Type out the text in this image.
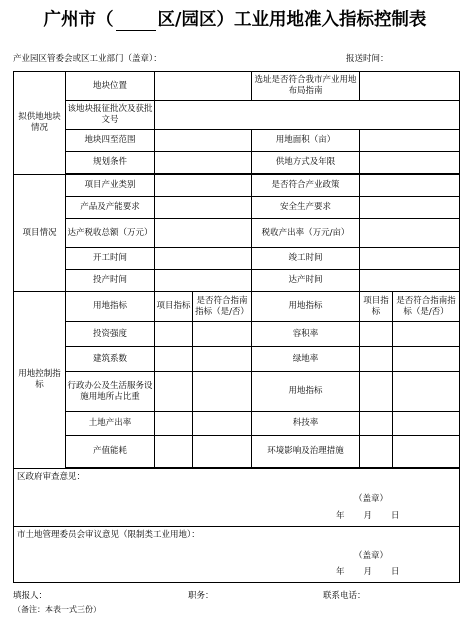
广州市（	区/园区）工业用地准入指标控制表
产业园区管委会或区工业部门（盖章）：	报送时间：
拟供地地块情况	地块位置			选址是否符合我市产业用地布局指南		
	该地块报征批次及获批文号					
	地块四至范围			用地面积（亩）		
	规划条件			供地方式及年限		

项目情况	项目产业类别			是否符合产业政策		
	产品及产能要求			安全生产要求		
	达产税收总额（万元）			税收产出率（万元/亩）		
	开工时间			竣工时间		
	投产时间			达产时间		
用地控制指标	用地指标	项目指标	是否符合指南指标（是/否）	用地指标	项目指标	是否符合指南指标（是/否）
	投资强度			容积率		
	建筑系数			绿地率		
	行政办公及生活服务设施用地所占比重			用地指标		
	土地产出率			科技率		
	产值能耗			环境影响及治理措施		

区政府审查意见：
（盖章）
年 月 日						

市土地管理委员会审议意见（限制类工业用地）：
（盖章）
年 月 日						
填报人：	职务：	联系电话：
（备注：本表一式三份）
